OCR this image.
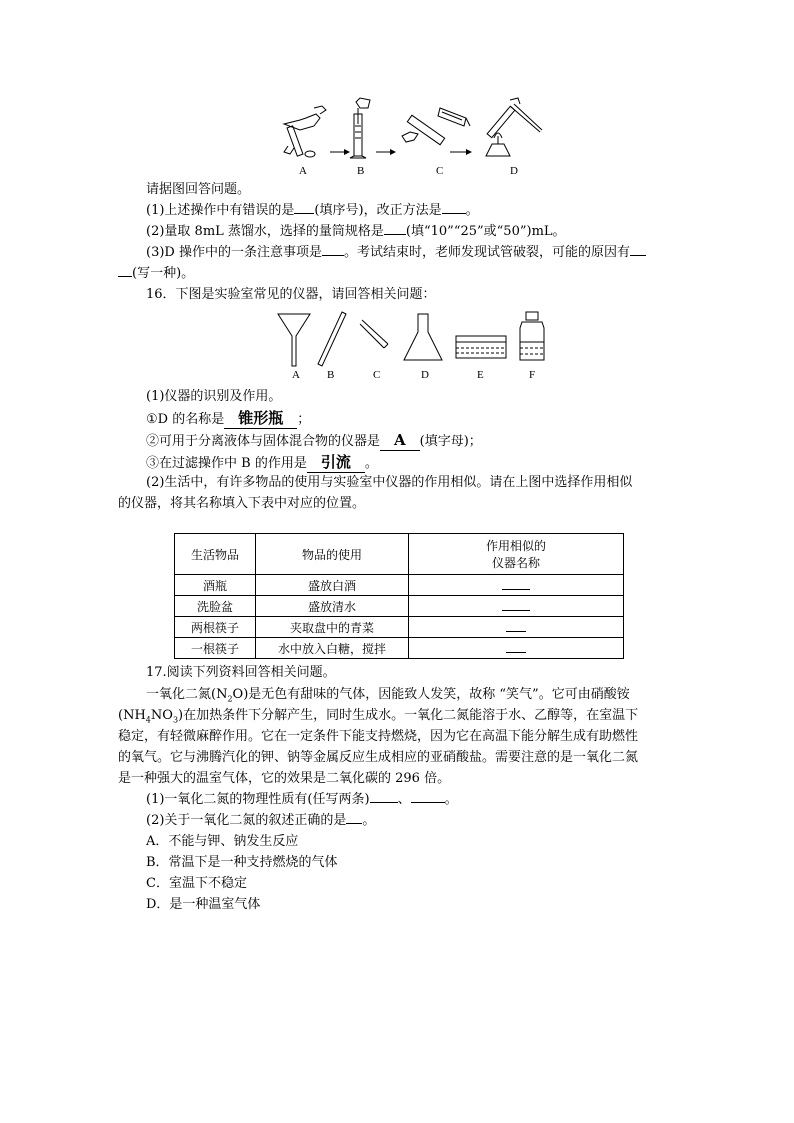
A	B	C	D
请据图回答问题。
(1)上述操作中有错误的是 (填序号)，改正方法是 。
(2)量取 8mL 蒸馏水，选择的量筒规格是 (填“10”“25”或“50”)mL。
(3)D 操作中的一条注意事项是 。考试结束时，老师发现试管破裂，可能的原因有
(写一种)。
16．下图是实验室常见的仪器，请回答相关问题：
A B	C	D	E	F
(1)仪器的识别及作用。
①D 的名称是 锥形瓶 ；
②可用于分离液体与固体混合物的仪器是 A (填字母)；
③在过滤操作中 B 的作用是 引流 。
(2)生活中，有许多物品的使用与实验室中仪器的作用相似。请在上图中选择作用相似
的仪器，将其名称填入下表中对应的位置。
生活物品	物品的使用	作用相似的
仪器名称

酒瓶	盛放白酒	
洗脸盆	盛放清水	
两根筷子	夹取盘中的青菜	
一根筷子	水中放入白糖，搅拌	
17.阅读下列资料回答相关问题。
一氧化二氮$(N_2O)$是无色有甜味的气体，因能致人发笑，故称 “笑气”。它可由硝酸铵
$(NH_4NO_3)$在加热条件下分解产生，同时生成水。一氧化二氮能溶于水、乙醇等，在室温下
稳定，有轻微麻醉作用。它在一定条件下能支持燃烧，因为它在高温下能分解生成有助燃性
的氧气。它与沸腾汽化的钾、钠等金属反应生成相应的亚硝酸盐。需要注意的是一氧化二氮
是一种强大的温室气体，它的效果是二氧化碳的 296 倍。
(1)一氧化二氮的物理性质有(任写两条) 、	。
(2)关于一氧化二氮的叙述正确的是 。
A．不能与钾、钠发生反应
B．常温下是一种支持燃烧的气体
C．室温下不稳定
D．是一种温室气体
